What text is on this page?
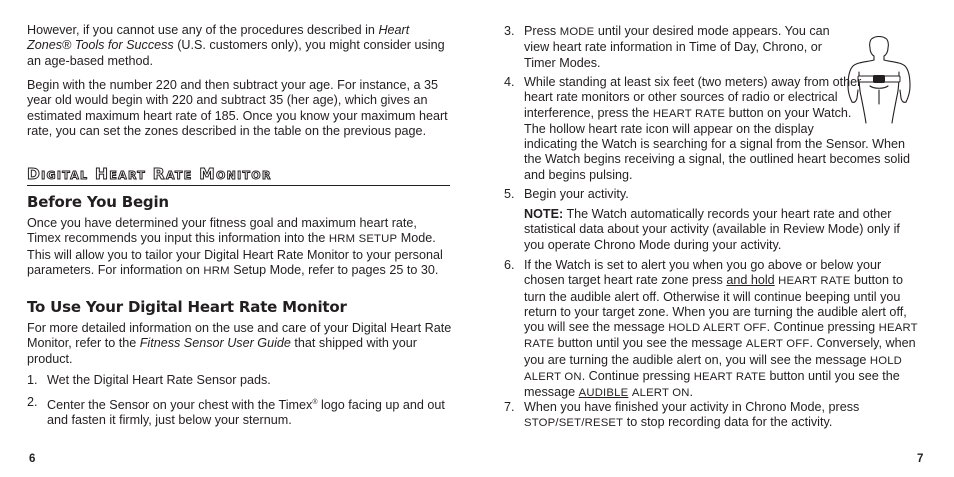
However, if you cannot use any of the procedures described in Heart Zones® Tools for Success (U.S. customers only), you might consider using an age-based method.

Begin with the number 220 and then subtract your age. For instance, a 35 year old would begin with 220 and subtract 35 (her age), which gives an estimated maximum heart rate of 185. Once you know your maximum heart rate, you can set the zones described in the table on the previous page.

Digital Heart Rate Monitor
Before You Begin

Once you have determined your fitness goal and maximum heart rate, Timex recommends you input this information into the HRM SETUP Mode. This will allow you to tailor your Digital Heart Rate Monitor to your personal parameters. For information on HRM Setup Mode, refer to pages 25 to 30.

To Use Your Digital Heart Rate Monitor

For more detailed information on the use and care of your Digital Heart Rate Monitor, refer to the Fitness Sensor User Guide that shipped with your product.

1. Wet the Digital Heart Rate Sensor pads.

2. Center the Sensor on your chest with the Timex® logo facing up and out and fasten it firmly, just below your sternum.

6
3. Press MODE until your desired mode appears. You can view heart rate information in Time of Day, Chrono, or Timer Modes.

4. While standing at least six feet (two meters) away from other heart rate monitors or other sources of radio or electrical interference, press the HEART RATE button on your Watch. The hollow heart rate icon will appear on the display indicating the Watch is searching for a signal from the Sensor. When the Watch begins receiving a signal, the outlined heart becomes solid and begins pulsing.

5. Begin your activity.

NOTE: The Watch automatically records your heart rate and other statistical data about your activity (available in Review Mode) only if you operate Chrono Mode during your activity.

6. If the Watch is set to alert you when you go above or below your chosen target heart rate zone press and hold HEART RATE button to turn the audible alert off. Otherwise it will continue beeping until you return to your target zone. When you are turning the audible alert off, you will see the message HOLD ALERT OFF. Continue pressing HEART RATE button until you see the message ALERT OFF. Conversely, when you are turning the audible alert on, you will see the message HOLD ALERT ON. Continue pressing HEART RATE button until you see the message AUDIBLE ALERT ON.

7. When you have finished your activity in Chrono Mode, press STOP/SET/RESET to stop recording data for the activity.

7
